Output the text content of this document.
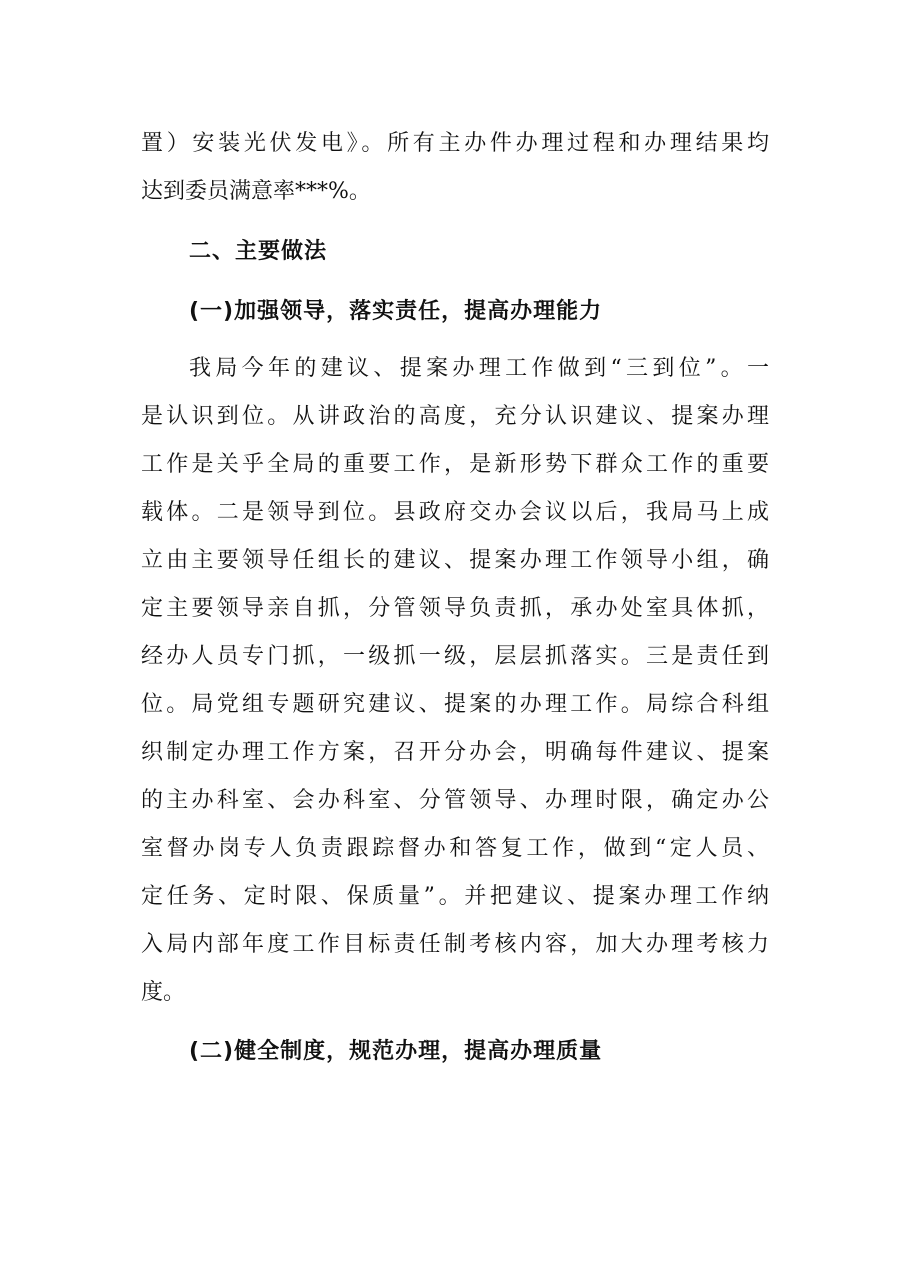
置）安装光伏发电》。所有主办件办理过程和办理结果均
达到委员满意率***%。
二、主要做法
(一)加强领导，落实责任，提高办理能力
我局今年的建议、提案办理工作做到“三到位”。一
是认识到位。从讲政治的高度，充分认识建议、提案办理
工作是关乎全局的重要工作，是新形势下群众工作的重要
载体。二是领导到位。县政府交办会议以后，我局马上成
立由主要领导任组长的建议、提案办理工作领导小组，确
定主要领导亲自抓，分管领导负责抓，承办处室具体抓，
经办人员专门抓，一级抓一级，层层抓落实。三是责任到
位。局党组专题研究建议、提案的办理工作。局综合科组
织制定办理工作方案，召开分办会，明确每件建议、提案
的主办科室、会办科室、分管领导、办理时限，确定办公
室督办岗专人负责跟踪督办和答复工作，做到“定人员、
定任务、定时限、保质量”。并把建议、提案办理工作纳
入局内部年度工作目标责任制考核内容，加大办理考核力
度。
(二)健全制度，规范办理，提高办理质量
